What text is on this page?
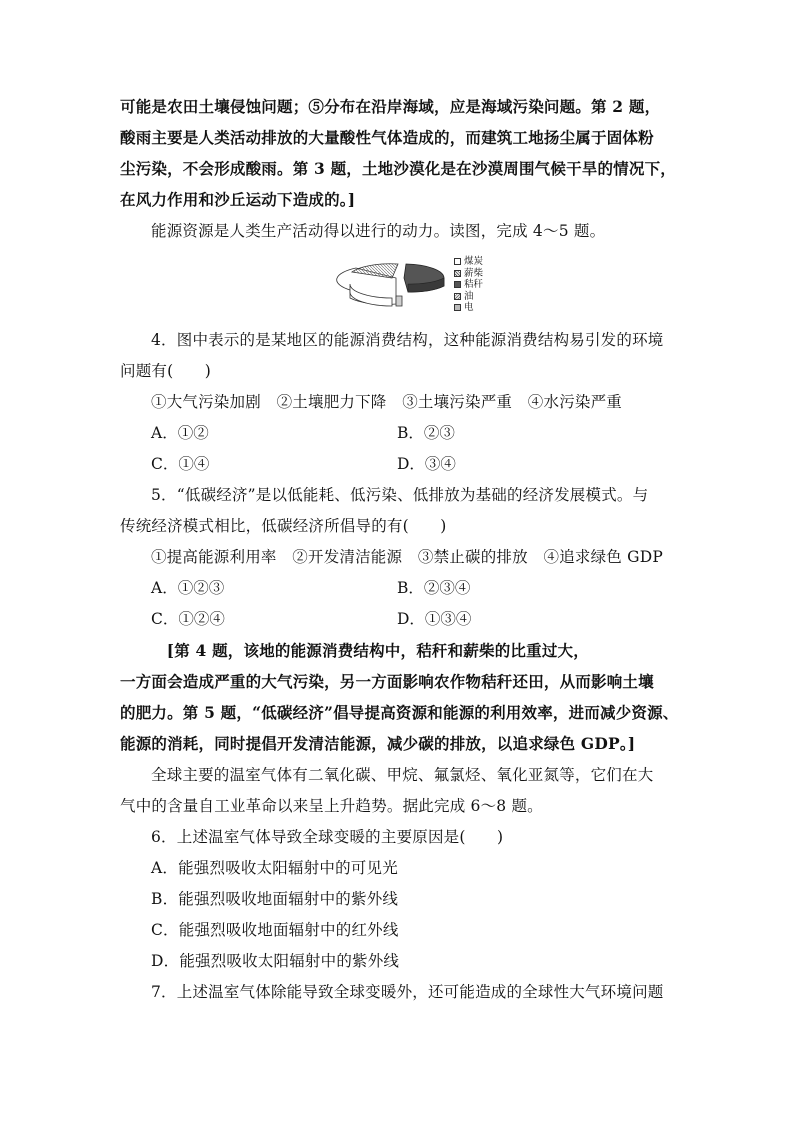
可能是农田土壤侵蚀问题；⑤分布在沿岸海域，应是海域污染问题。第 2 题，
酸雨主要是人类活动排放的大量酸性气体造成的，而建筑工地扬尘属于固体粉
尘污染，不会形成酸雨。第 3 题，土地沙漠化是在沙漠周围气候干旱的情况下，
在风力作用和沙丘运动下造成的。]
能源资源是人类生产活动得以进行的动力。读图，完成 4～5 题。
煤炭
薪柴
秸秆
油
电
4．图中表示的是某地区的能源消费结构，这种能源消费结构易引发的环境
问题有(　　)
①大气污染加剧　②土壤肥力下降　③土壤污染严重　④水污染严重
A．①②	B．②③
C．①④	D．③④
5．“低碳经济”是以低能耗、低污染、低排放为基础的经济发展模式。与
传统经济模式相比，低碳经济所倡导的有(　　)
①提高能源利用率　②开发清洁能源　③禁止碳的排放　④追求绿色 GDP
A．①②③	B．②③④
C．①②④	D．①③④
　[第 4 题，该地的能源消费结构中，秸秆和薪柴的比重过大，
一方面会造成严重的大气污染，另一方面影响农作物秸秆还田，从而影响土壤
的肥力。第 5 题，“低碳经济”倡导提高资源和能源的利用效率，进而减少资源、
能源的消耗，同时提倡开发清洁能源，减少碳的排放，以追求绿色 GDP。]
全球主要的温室气体有二氧化碳、甲烷、氟氯烃、氧化亚氮等，它们在大
气中的含量自工业革命以来呈上升趋势。据此完成 6～8 题。
6．上述温室气体导致全球变暖的主要原因是(　　)
A．能强烈吸收太阳辐射中的可见光
B．能强烈吸收地面辐射中的紫外线
C．能强烈吸收地面辐射中的红外线
D．能强烈吸收太阳辐射中的紫外线
7．上述温室气体除能导致全球变暖外，还可能造成的全球性大气环境问题
